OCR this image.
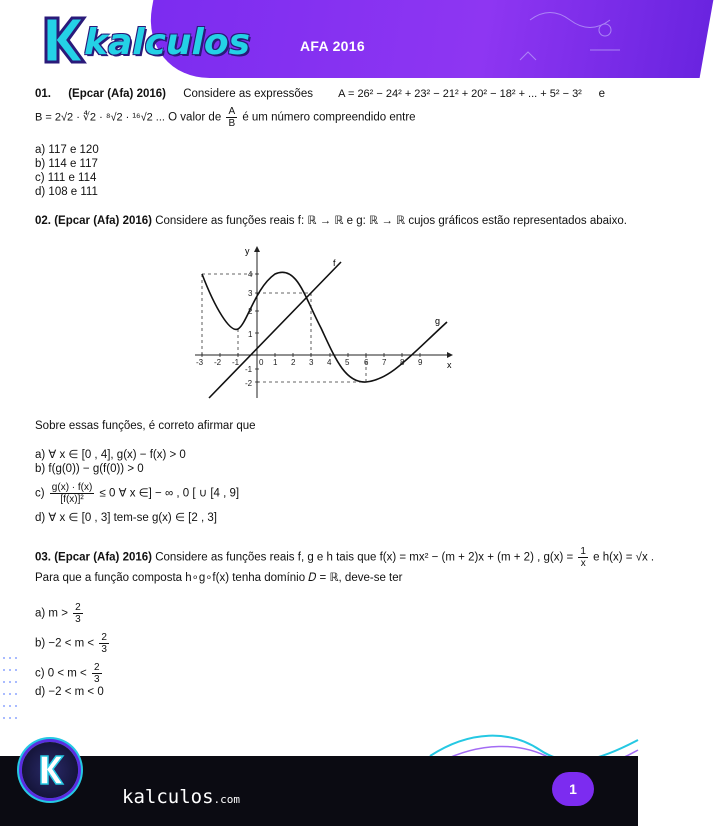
kalculos	AFA 2016
01. (Epcar (Afa) 2016) Considere as expressões A = 26² − 24² + 23² − 21² + 20² − 18² + ... + 5² − 3² e
B = 2√2 · ∜2 · ⁸√2 · ¹⁶√2 ... O valor de $\frac{A}{B}$ é um número compreendido entre
a) 117 e 120
b) 114 e 117
c) 111 e 114
d) 108 e 111
02. (Epcar (Afa) 2016) Considere as funções reais f: ℝ → ℝ e g: ℝ → ℝ cujos gráficos estão representados abaixo.
y
x
f
g
-3 -2 -1 0 1 2 3 4 5 6 7 8 9
4
3
2
1
-1
-2
Sobre essas funções, é correto afirmar que
a) ∀ x ∈ [0 , 4], g(x) − f(x) > 0
b) f(g(0)) − g(f(0)) > 0
$c) \frac{g(x) \cdot f(x)}{\text{[f(x)]²}} \le 0$ ∀ x ∈] − ∞ , 0 [ ∪ [4 , 9]
d) ∀ x ∈ [0 , 3] tem-se g(x) ∈ [2 , 3]
03. (Epcar (Afa) 2016) Considere as funções reais f, g e h tais que f(x) = mx² − (m + 2)x + (m + 2) , $g(x) = \frac{1}{x}$ e h(x) = √x .
Para que a função composta h∘g∘f(x) tenha domínio 𝐷 = ℝ, deve-se ter
a) $m > \frac{2}{3}$
$b) -2 < m < \frac{2}{3}$
c) $0 < m < \frac{2}{3}$
d) −2 < m < 0
kalculos.com
1
